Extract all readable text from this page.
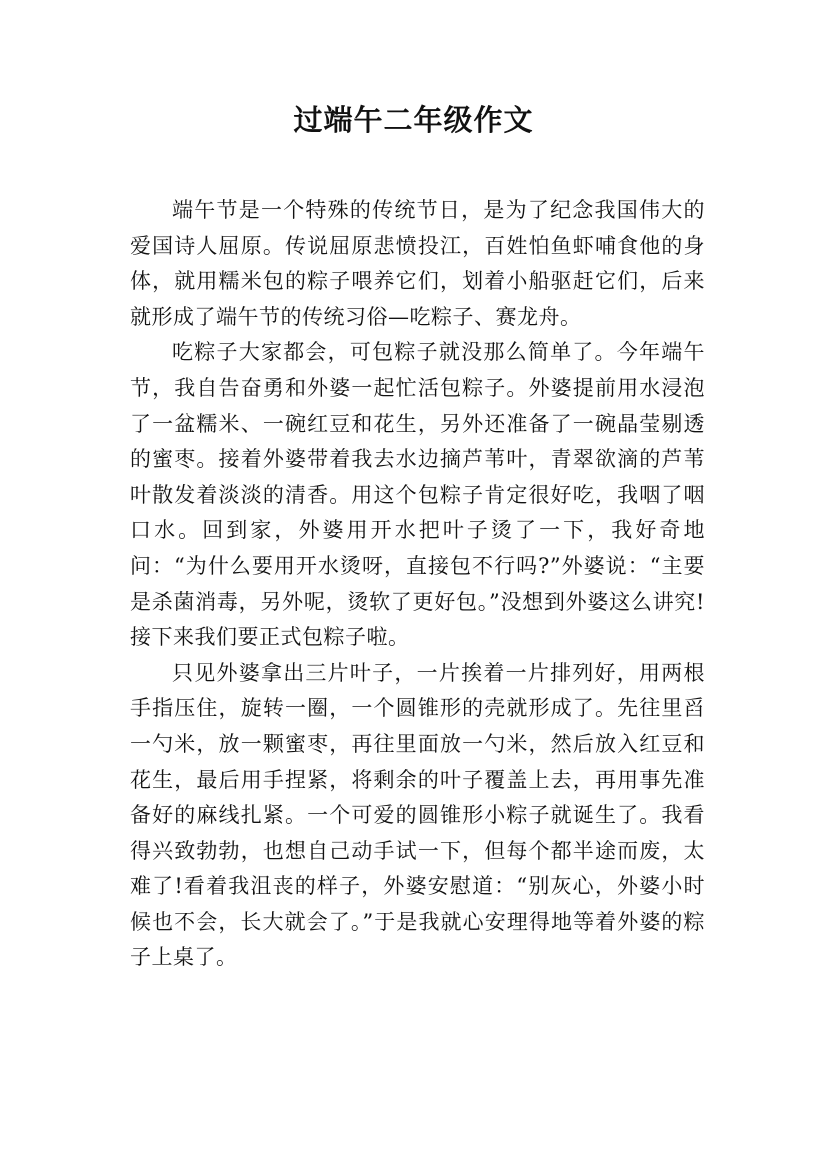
过端午二年级作文

端午节是一个特殊的传统节日，是为了纪念我国伟大的爱国诗人屈原。传说屈原悲愤投江，百姓怕鱼虾哺食他的身体，就用糯米包的粽子喂养它们，划着小船驱赶它们，后来就形成了端午节的传统习俗—吃粽子、赛龙舟。

吃粽子大家都会，可包粽子就没那么简单了。今年端午节，我自告奋勇和外婆一起忙活包粽子。外婆提前用水浸泡了一盆糯米、一碗红豆和花生，另外还准备了一碗晶莹剔透的蜜枣。接着外婆带着我去水边摘芦苇叶，青翠欲滴的芦苇叶散发着淡淡的清香。用这个包粽子肯定很好吃，我咽了咽口水。回到家，外婆用开水把叶子烫了一下，我好奇地问：“为什么要用开水烫呀，直接包不行吗?”外婆说：“主要是杀菌消毒，另外呢，烫软了更好包。”没想到外婆这么讲究!接下来我们要正式包粽子啦。

只见外婆拿出三片叶子，一片挨着一片排列好，用两根手指压住，旋转一圈，一个圆锥形的壳就形成了。先往里舀一勺米，放一颗蜜枣，再往里面放一勺米，然后放入红豆和花生，最后用手捏紧，将剩余的叶子覆盖上去，再用事先准备好的麻线扎紧。一个可爱的圆锥形小粽子就诞生了。我看得兴致勃勃，也想自己动手试一下，但每个都半途而废，太难了!看着我沮丧的样子，外婆安慰道：“别灰心，外婆小时候也不会，长大就会了。”于是我就心安理得地等着外婆的粽子上桌了。
